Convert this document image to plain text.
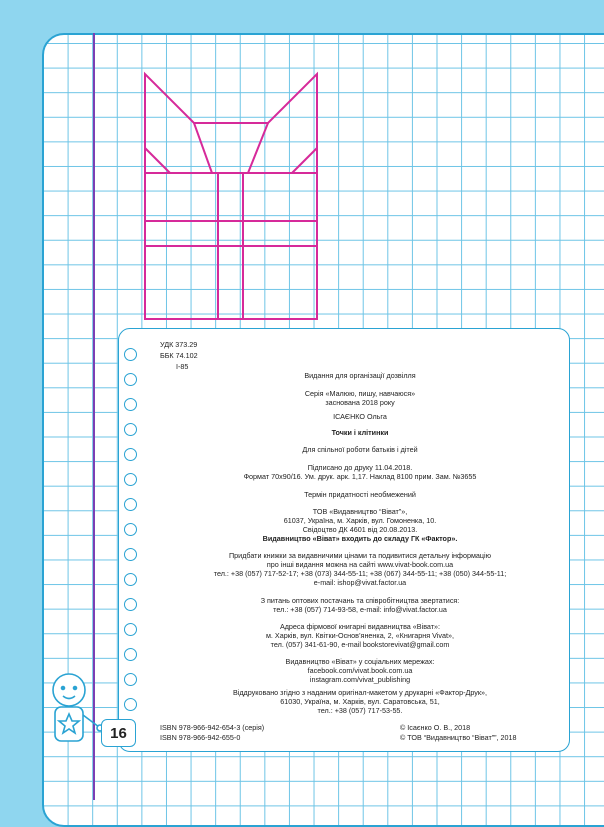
УДК 373.29
ББК 74.102
І-85
Видання для організації дозвілля
Серія «Малюю, пишу, навчаюся»
заснована 2018 року
ІСАЄНКО Ольга
Точки і клітинки
Для спільної роботи батьків і дітей
Підписано до друку 11.04.2018.
Формат 70x90/16. Ум. друк. арк. 1,17. Наклад 8100 прим. Зам. №3655
Термін придатності необмежений
ТОВ «Видавництво “Віват”»,
61037, Україна, м. Харків, вул. Гомоненка, 10.
Свідоцтво ДК 4601 від 20.08.2013.
Видавництво «Віват» входить до складу ГК «Фактор».
Придбати книжки за видавничими цінами та подивитися детальну інформацію
про інші видання можна на сайті www.vivat-book.com.ua
тел.: +38 (057) 717-52-17; +38 (073) 344-55-11; +38 (067) 344-55-11; +38 (050) 344-55-11;
e-mail: ishop@vivat.factor.ua
З питань оптових постачань та співробітництва звертатися:
тел.: +38 (057) 714-93-58, e-mail: info@vivat.factor.ua
Адреса фірмової книгарні видавництва «Віват»:
м. Харків, вул. Квітки-Основ’яненка, 2, «Книгарня Vivat»,
тел. (057) 341-61-90, e-mail bookstorevivat@gmail.com
Видавництво «Віват» у соціальних мережах:
facebook.com/vivat.book.com.ua
instagram.com/vivat_publishing
Віддруковано згідно з наданим оригінал-макетом у друкарні «Фактор-Друк»,
61030, Україна, м. Харків, вул. Саратовська, 51,
тел.: +38 (057) 717-53-55.
ISBN 978-966-942-654-3 (серія)
ISBN 978-966-942-655-0
© Ісаєнко О. В., 2018
© ТОВ “Видавництво “Віват””, 2018
16
